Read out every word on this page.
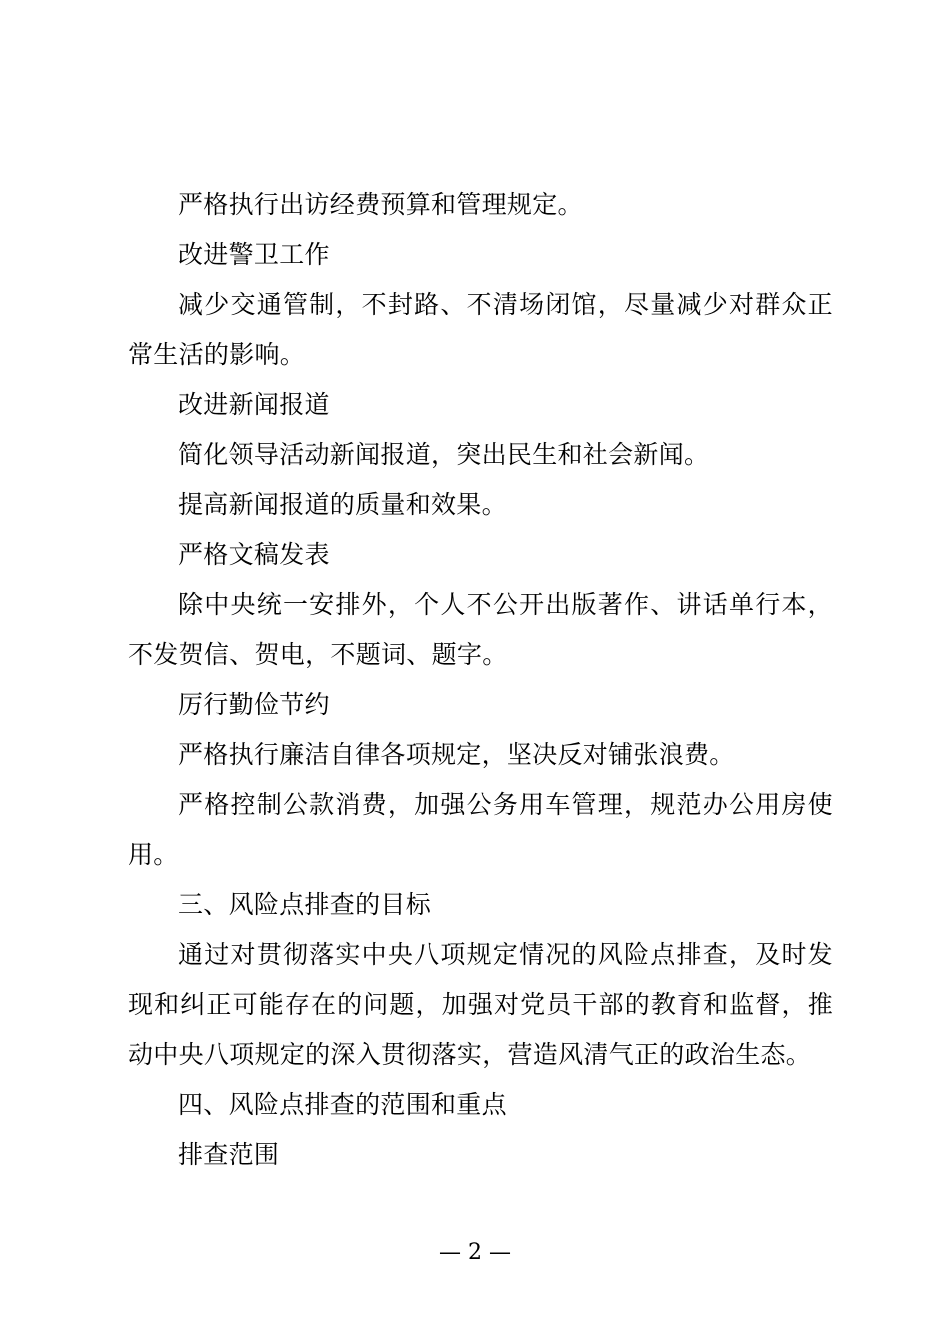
严格执行出访经费预算和管理规定。

改进警卫工作

减少交通管制，不封路、不清场闭馆，尽量减少对群众正常生活的影响。

改进新闻报道

简化领导活动新闻报道，突出民生和社会新闻。

提高新闻报道的质量和效果。

严格文稿发表

除中央统一安排外，个人不公开出版著作、讲话单行本，不发贺信、贺电，不题词、题字。

厉行勤俭节约

严格执行廉洁自律各项规定，坚决反对铺张浪费。

严格控制公款消费，加强公务用车管理，规范办公用房使用。

三、风险点排查的目标

通过对贯彻落实中央八项规定情况的风险点排查，及时发现和纠正可能存在的问题，加强对党员干部的教育和监督，推动中央八项规定的深入贯彻落实，营造风清气正的政治生态。

四、风险点排查的范围和重点

排查范围

— 2 —
